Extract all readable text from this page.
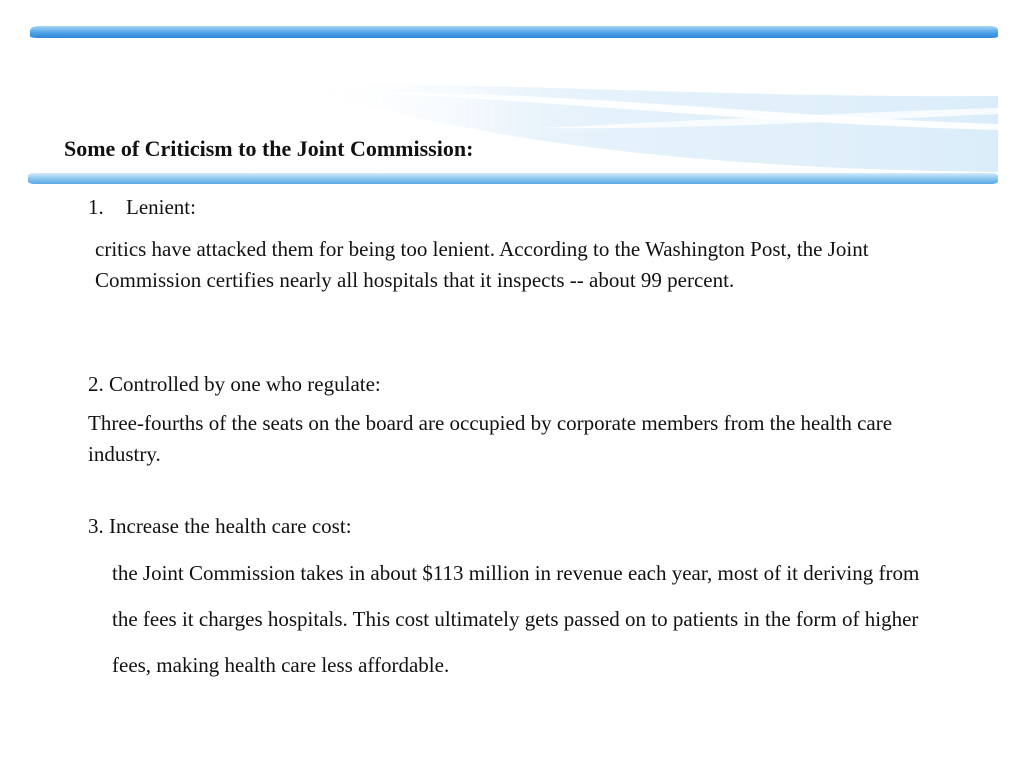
Some of Criticism to the Joint Commission:
1. Lenient:

critics have attacked them for being too lenient. According to the Washington Post, the Joint Commission certifies nearly all hospitals that it inspects -- about 99 percent.

2. Controlled by one who regulate:

Three-fourths of the seats on the board are occupied by corporate members from the health care industry.

3. Increase the health care cost:

the Joint Commission takes in about $113 million in revenue each year, most of it deriving from the fees it charges hospitals. This cost ultimately gets passed on to patients in the form of higher fees, making health care less affordable.
